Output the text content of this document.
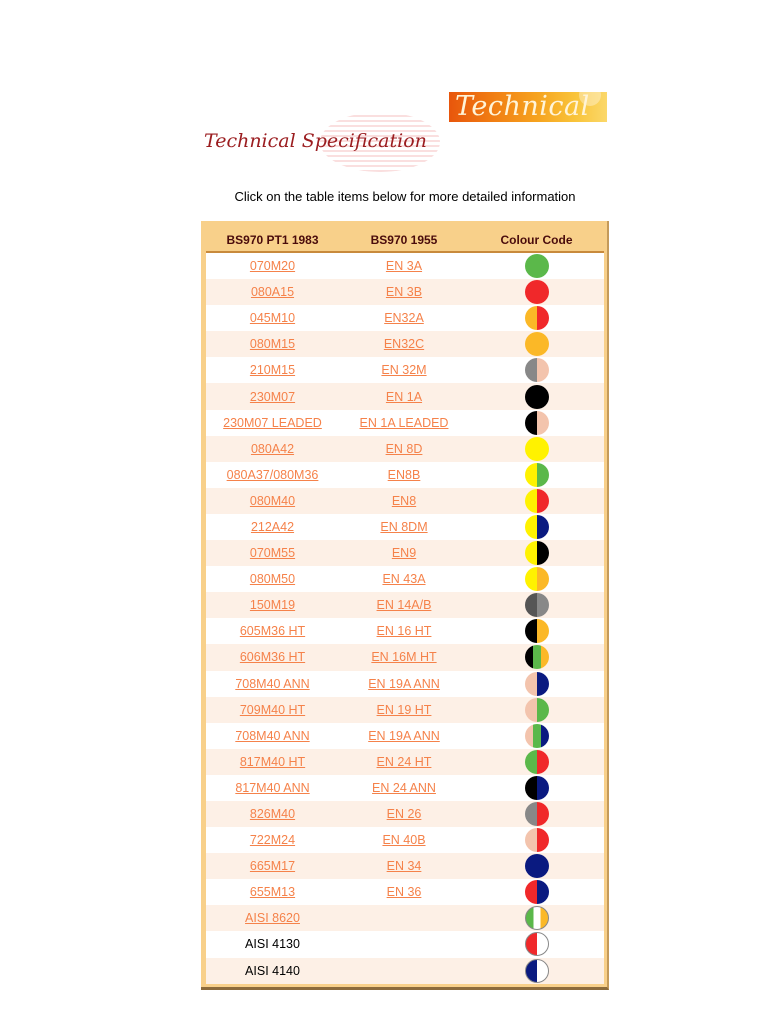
Technical
Technical Specification
Click on the table items below for more detailed information
BS970 PT1 1983	BS970 1955	Colour Code
070M20	EN 3A	
080A15	EN 3B	
045M10	EN32A	
080M15	EN32C	
210M15	EN 32M	
230M07	EN 1A	
230M07 LEADED	EN 1A LEADED	
080A42	EN 8D	
080A37/080M36	EN8B	
080M40	EN8	
212A42	EN 8DM	
070M55	EN9	
080M50	EN 43A	
150M19	EN 14A/B	
605M36 HT	EN 16 HT	
606M36 HT	EN 16M HT	
708M40 ANN	EN 19A ANN	
709M40 HT	EN 19 HT	
708M40 ANN	EN 19A ANN	
817M40 HT	EN 24 HT	
817M40 ANN	EN 24 ANN	
826M40	EN 26	
722M24	EN 40B	
665M17	EN 34	
655M13	EN 36	
AISI 8620		
AISI 4130		
AISI 4140		
